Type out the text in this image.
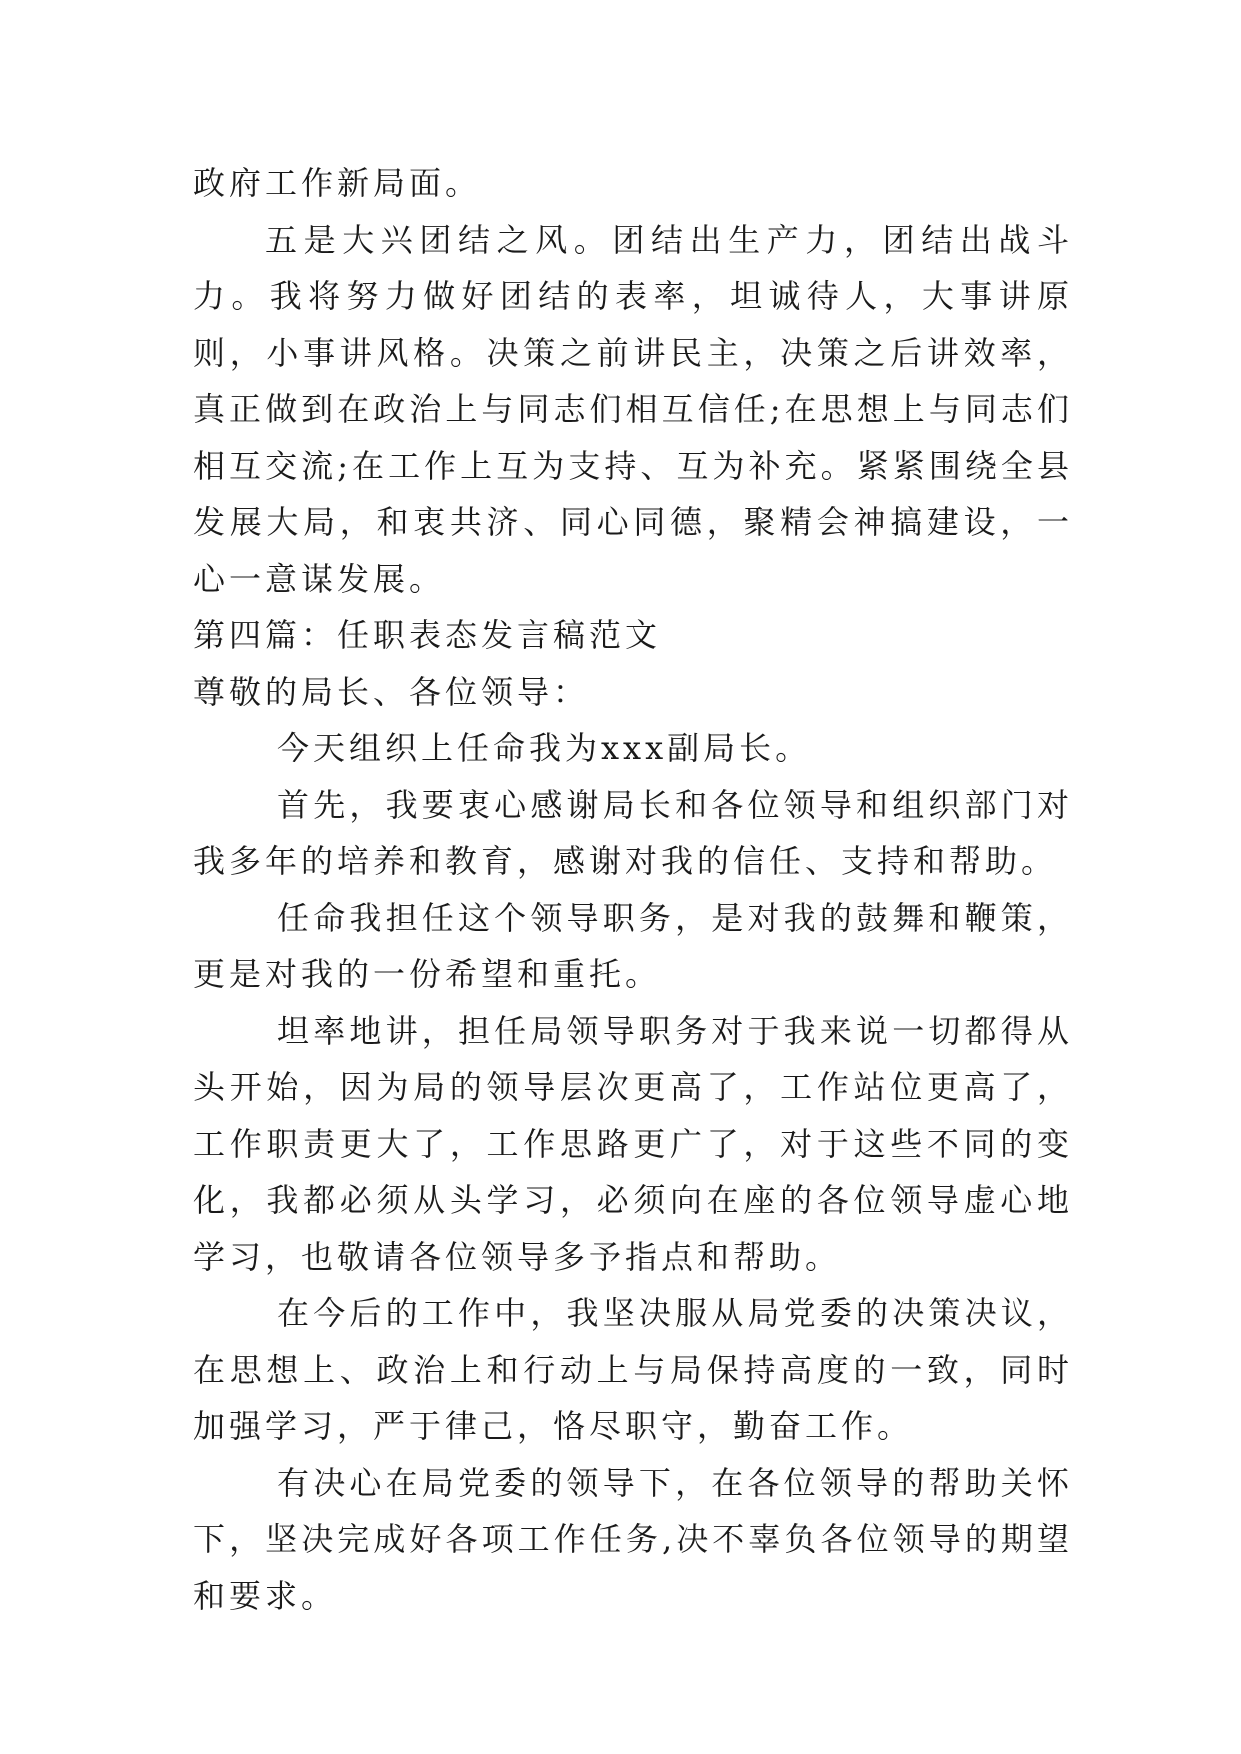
政府工作新局面。

五是大兴团结之风。团结出生产力，团结出战斗力。我将努力做好团结的表率，坦诚待人，大事讲原则，小事讲风格。决策之前讲民主，决策之后讲效率，真正做到在政治上与同志们相互信任;在思想上与同志们相互交流;在工作上互为支持、互为补充。紧紧围绕全县发展大局，和衷共济、同心同德，聚精会神搞建设，一心一意谋发展。

第四篇：任职表态发言稿范文

尊敬的局长、各位领导：

今天组织上任命我为xxx副局长。

首先，我要衷心感谢局长和各位领导和组织部门对我多年的培养和教育，感谢对我的信任、支持和帮助。

任命我担任这个领导职务，是对我的鼓舞和鞭策，更是对我的一份希望和重托。

坦率地讲，担任局领导职务对于我来说一切都得从头开始，因为局的领导层次更高了，工作站位更高了，工作职责更大了，工作思路更广了，对于这些不同的变化，我都必须从头学习，必须向在座的各位领导虚心地学习，也敬请各位领导多予指点和帮助。

在今后的工作中，我坚决服从局党委的决策决议，在思想上、政治上和行动上与局保持高度的一致，同时加强学习，严于律己，恪尽职守，勤奋工作。

有决心在局党委的领导下，在各位领导的帮助关怀下，坚决完成好各项工作任务,决不辜负各位领导的期望和要求。
